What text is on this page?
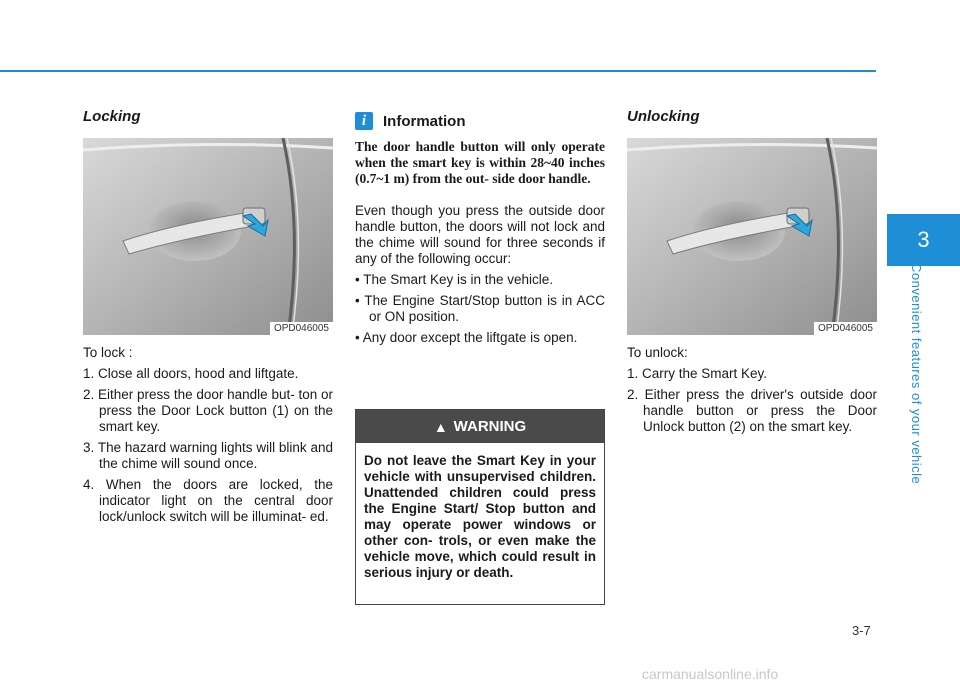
3
Convenient features of your vehicle
Locking
OPD046005

To lock :

1. Close all doors, hood and liftgate.
2. Either press the door handle but- ton or press the Door Lock button (1) on the smart key.
3. The hazard warning lights will blink and the chime will sound once.
4. When the doors are locked, the indicator light on the central door lock/unlock switch will be illuminat- ed.
i	Information
The door handle button will only operate when the smart key is within 28~40 inches (0.7~1 m) from the out- side door handle.

Even though you press the outside door handle button, the doors will not lock and the chime will sound for three seconds if any of the following occur:

• The Smart Key is in the vehicle.
• The Engine Start/Stop button is in ACC or ON position.
• Any door except the liftgate is open.
▲ WARNING
Do not leave the Smart Key in your vehicle with unsupervised children. Unattended children could press the Engine Start/ Stop button and may operate power windows or other con- trols, or even make the vehicle move, which could result in serious injury or death.
Unlocking
OPD046005

To unlock:

1. Carry the Smart Key.
2. Either press the driver's outside door handle button or press the Door Unlock button (2) on the smart key.
3-7
carmanualsonline.info
